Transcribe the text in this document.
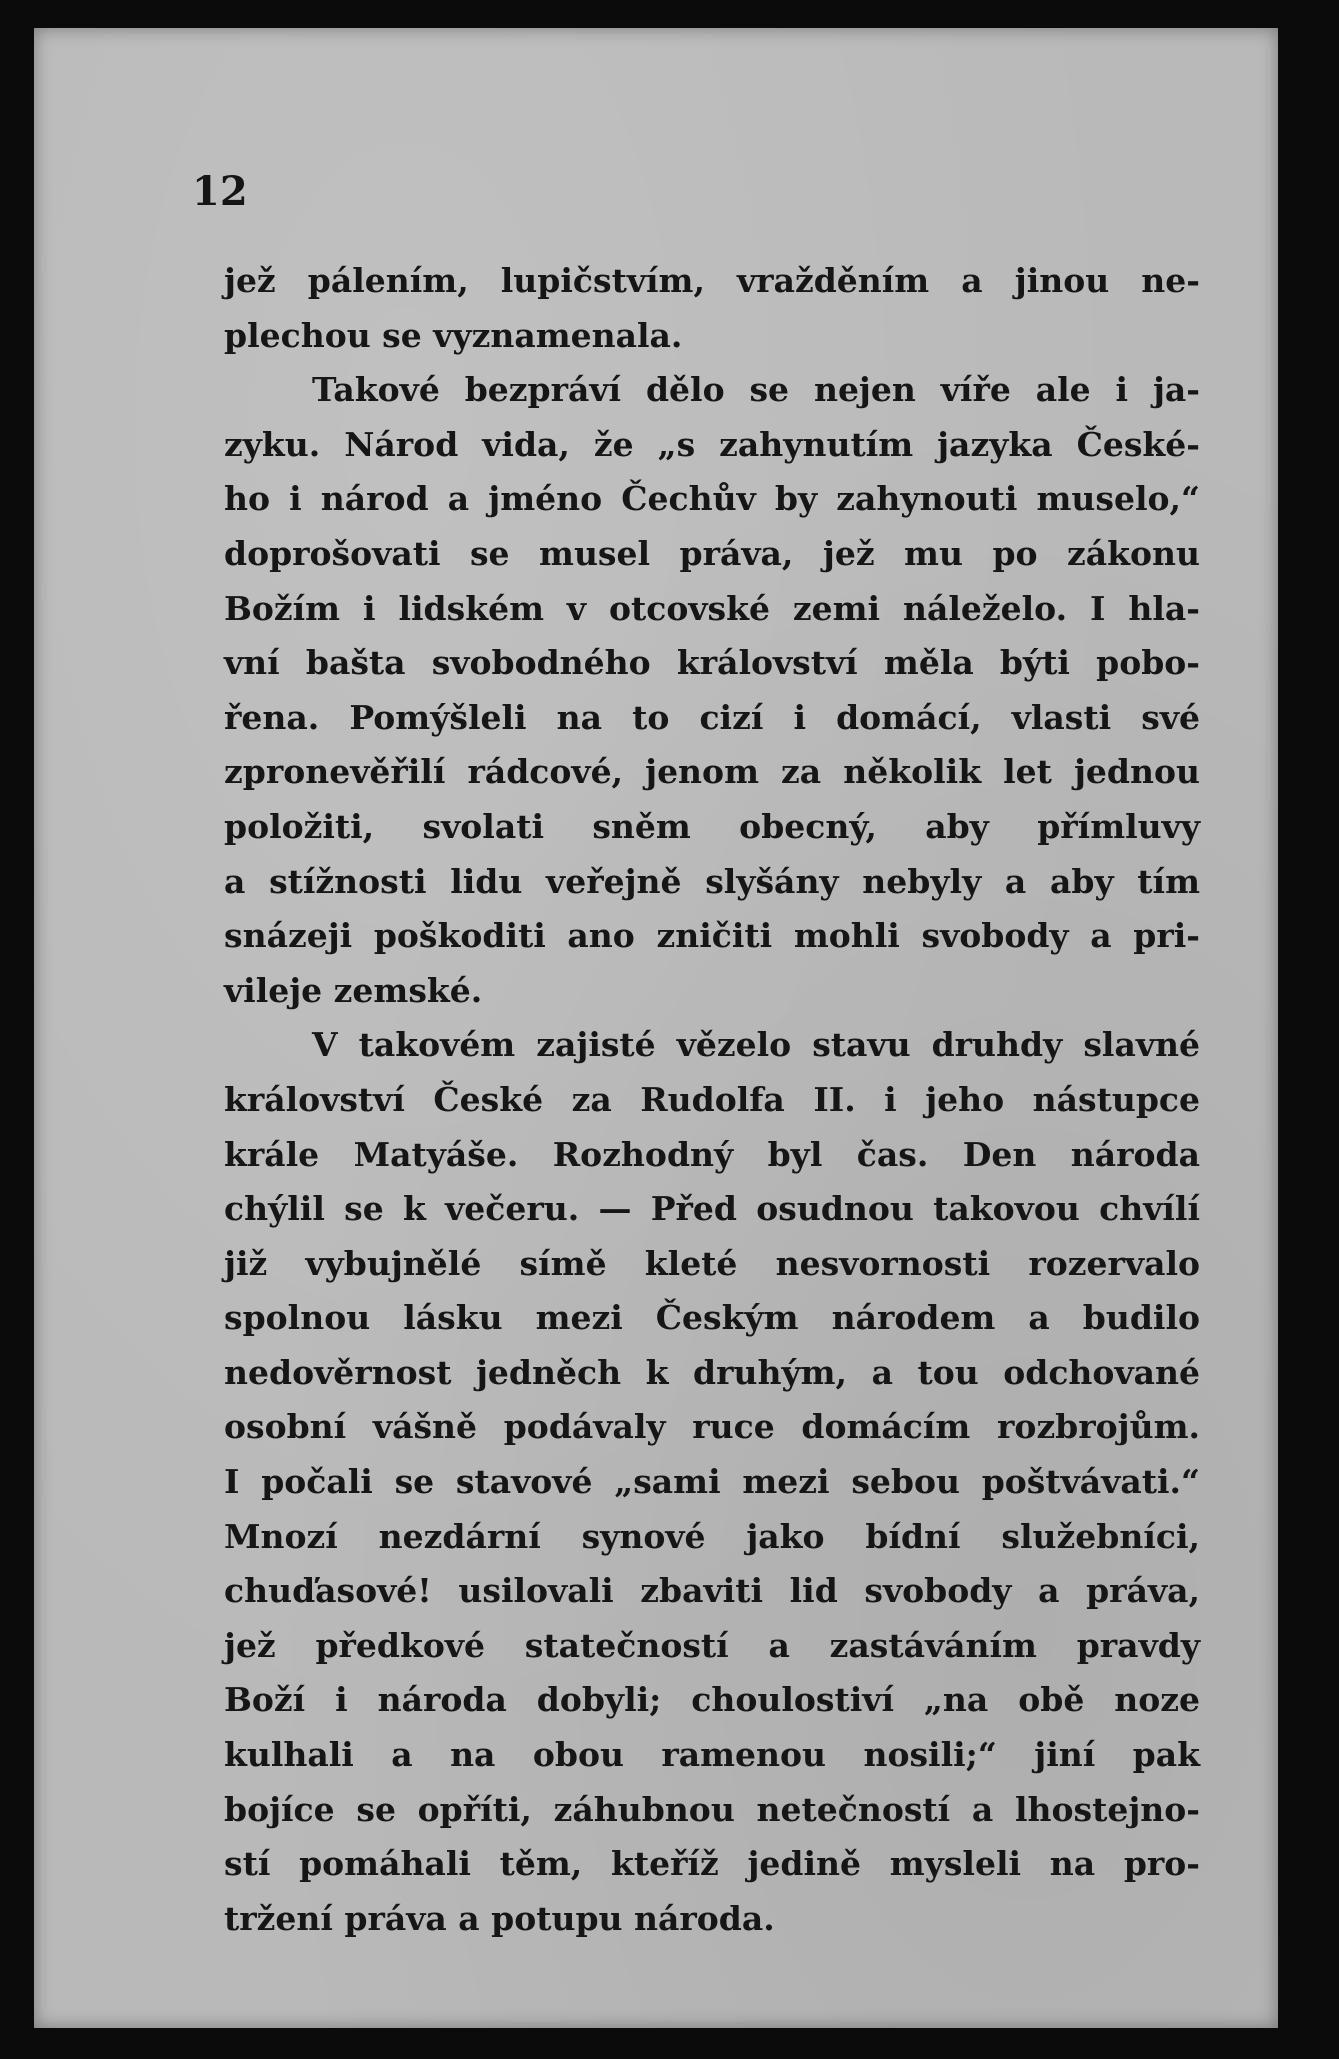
12
jež pálením, lupičstvím, vražděním a jinou ne-
plechou se vyznamenala.
Takové bezpráví dělo se nejen víře ale i ja-
zyku. Národ vida, že „s zahynutím jazyka České-
ho i národ a jméno Čechův by zahynouti muselo,“
doprošovati se musel práva, jež mu po zákonu
Božím i lidském v otcovské zemi náleželo. I hla-
vní bašta svobodného království měla býti pobo-
řena. Pomýšleli na to cizí i domácí, vlasti své
zpronevěřilí rádcové, jenom za několik let jednou
položiti, svolati sněm obecný, aby přímluvy
a stížnosti lidu veřejně slyšány nebyly a aby tím
snázeji poškoditi ano zničiti mohli svobody a pri-
vileje zemské.
V takovém zajisté vězelo stavu druhdy slavné
království České za Rudolfa II. i jeho nástupce
krále Matyáše. Rozhodný byl čas. Den národa
chýlil se k večeru. — Před osudnou takovou chvílí
již vybujnělé símě kleté nesvornosti rozervalo
spolnou lásku mezi Českým národem a budilo
nedověrnost jedněch k druhým, a tou odchované
osobní vášně podávaly ruce domácím rozbrojům.
I počali se stavové „sami mezi sebou poštvávati.“
Mnozí nezdární synové jako bídní služebníci,
chuďasové! usilovali zbaviti lid svobody a práva,
jež předkové statečností a zastáváním pravdy
Boží i národa dobyli; choulostiví „na obě noze
kulhali a na obou ramenou nosili;“ jiní pak
bojíce se opříti, záhubnou netečností a lhostejno-
stí pomáhali těm, kteříž jedině mysleli na pro-
tržení práva a potupu národa.
